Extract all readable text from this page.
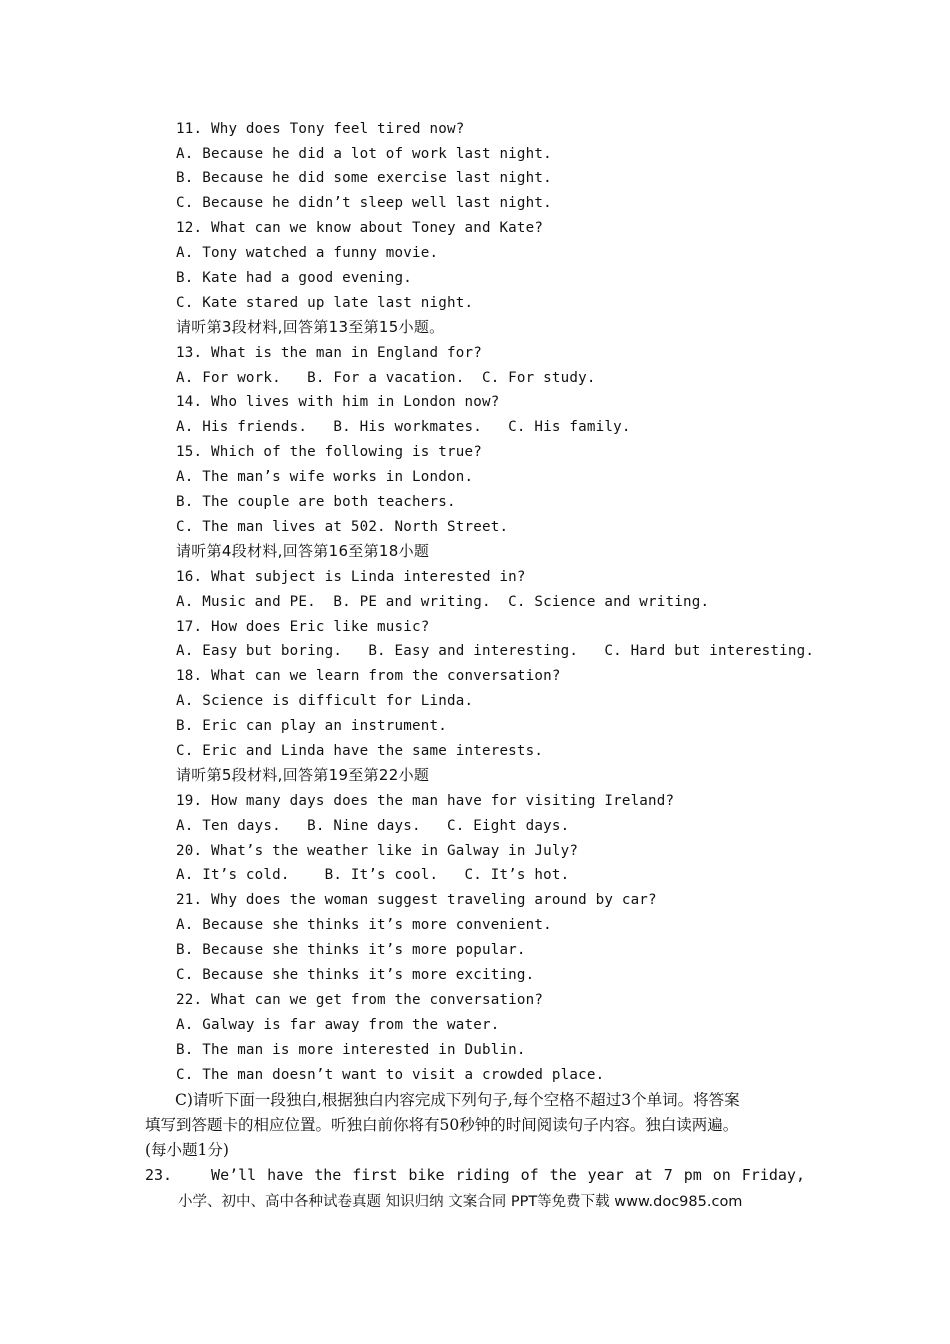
11. Why does Tony feel tired now?
A. Because he did a lot of work last night.
B. Because he did some exercise last night.
C. Because he didn’t sleep well last night.
12. What can we know about Toney and Kate?
A. Tony watched a funny movie.
B. Kate had a good evening.
C. Kate stared up late last night.
请听第3段材料,回答第13至第15小题。
13. What is the man in England for?
A. For work.   B. For a vacation.  C. For study.
14. Who lives with him in London now?
A. His friends.   B. His workmates.   C. His family.
15. Which of the following is true?
A. The man’s wife works in London.
B. The couple are both teachers.
C. The man lives at 502. North Street.
请听第4段材料,回答第16至第18小题
16. What subject is Linda interested in?
A. Music and PE.  B. PE and writing.  C. Science and writing.
17. How does Eric like music?
A. Easy but boring.   B. Easy and interesting.   C. Hard but interesting.
18. What can we learn from the conversation?
A. Science is difficult for Linda.
B. Eric can play an instrument.
C. Eric and Linda have the same interests.
请听第5段材料,回答第19至第22小题
19. How many days does the man have for visiting Ireland?
A. Ten days.   B. Nine days.   C. Eight days.
20. What’s the weather like in Galway in July?
A. It’s cold.    B. It’s cool.   C. It’s hot.
21. Why does the woman suggest traveling around by car?
A. Because she thinks it’s more convenient.
B. Because she thinks it’s more popular.
C. Because she thinks it’s more exciting.
22. What can we get from the conversation?
A. Galway is far away from the water.
B. The man is more interested in Dublin.
C. The man doesn’t want to visit a crowded place.
C)请听下面一段独白,根据独白内容完成下列句子,每个空格不超过3个单词。将答案
填写到答题卡的相应位置。听独白前你将有50秒钟的时间阅读句子内容。独白读两遍。
(每小题1分)
23.	We’ll have the first bike riding of the year at 7 pm on Friday,
小学、初中、高中各种试卷真题 知识归纳 文案合同 PPT等免费下载 www.doc985.com
